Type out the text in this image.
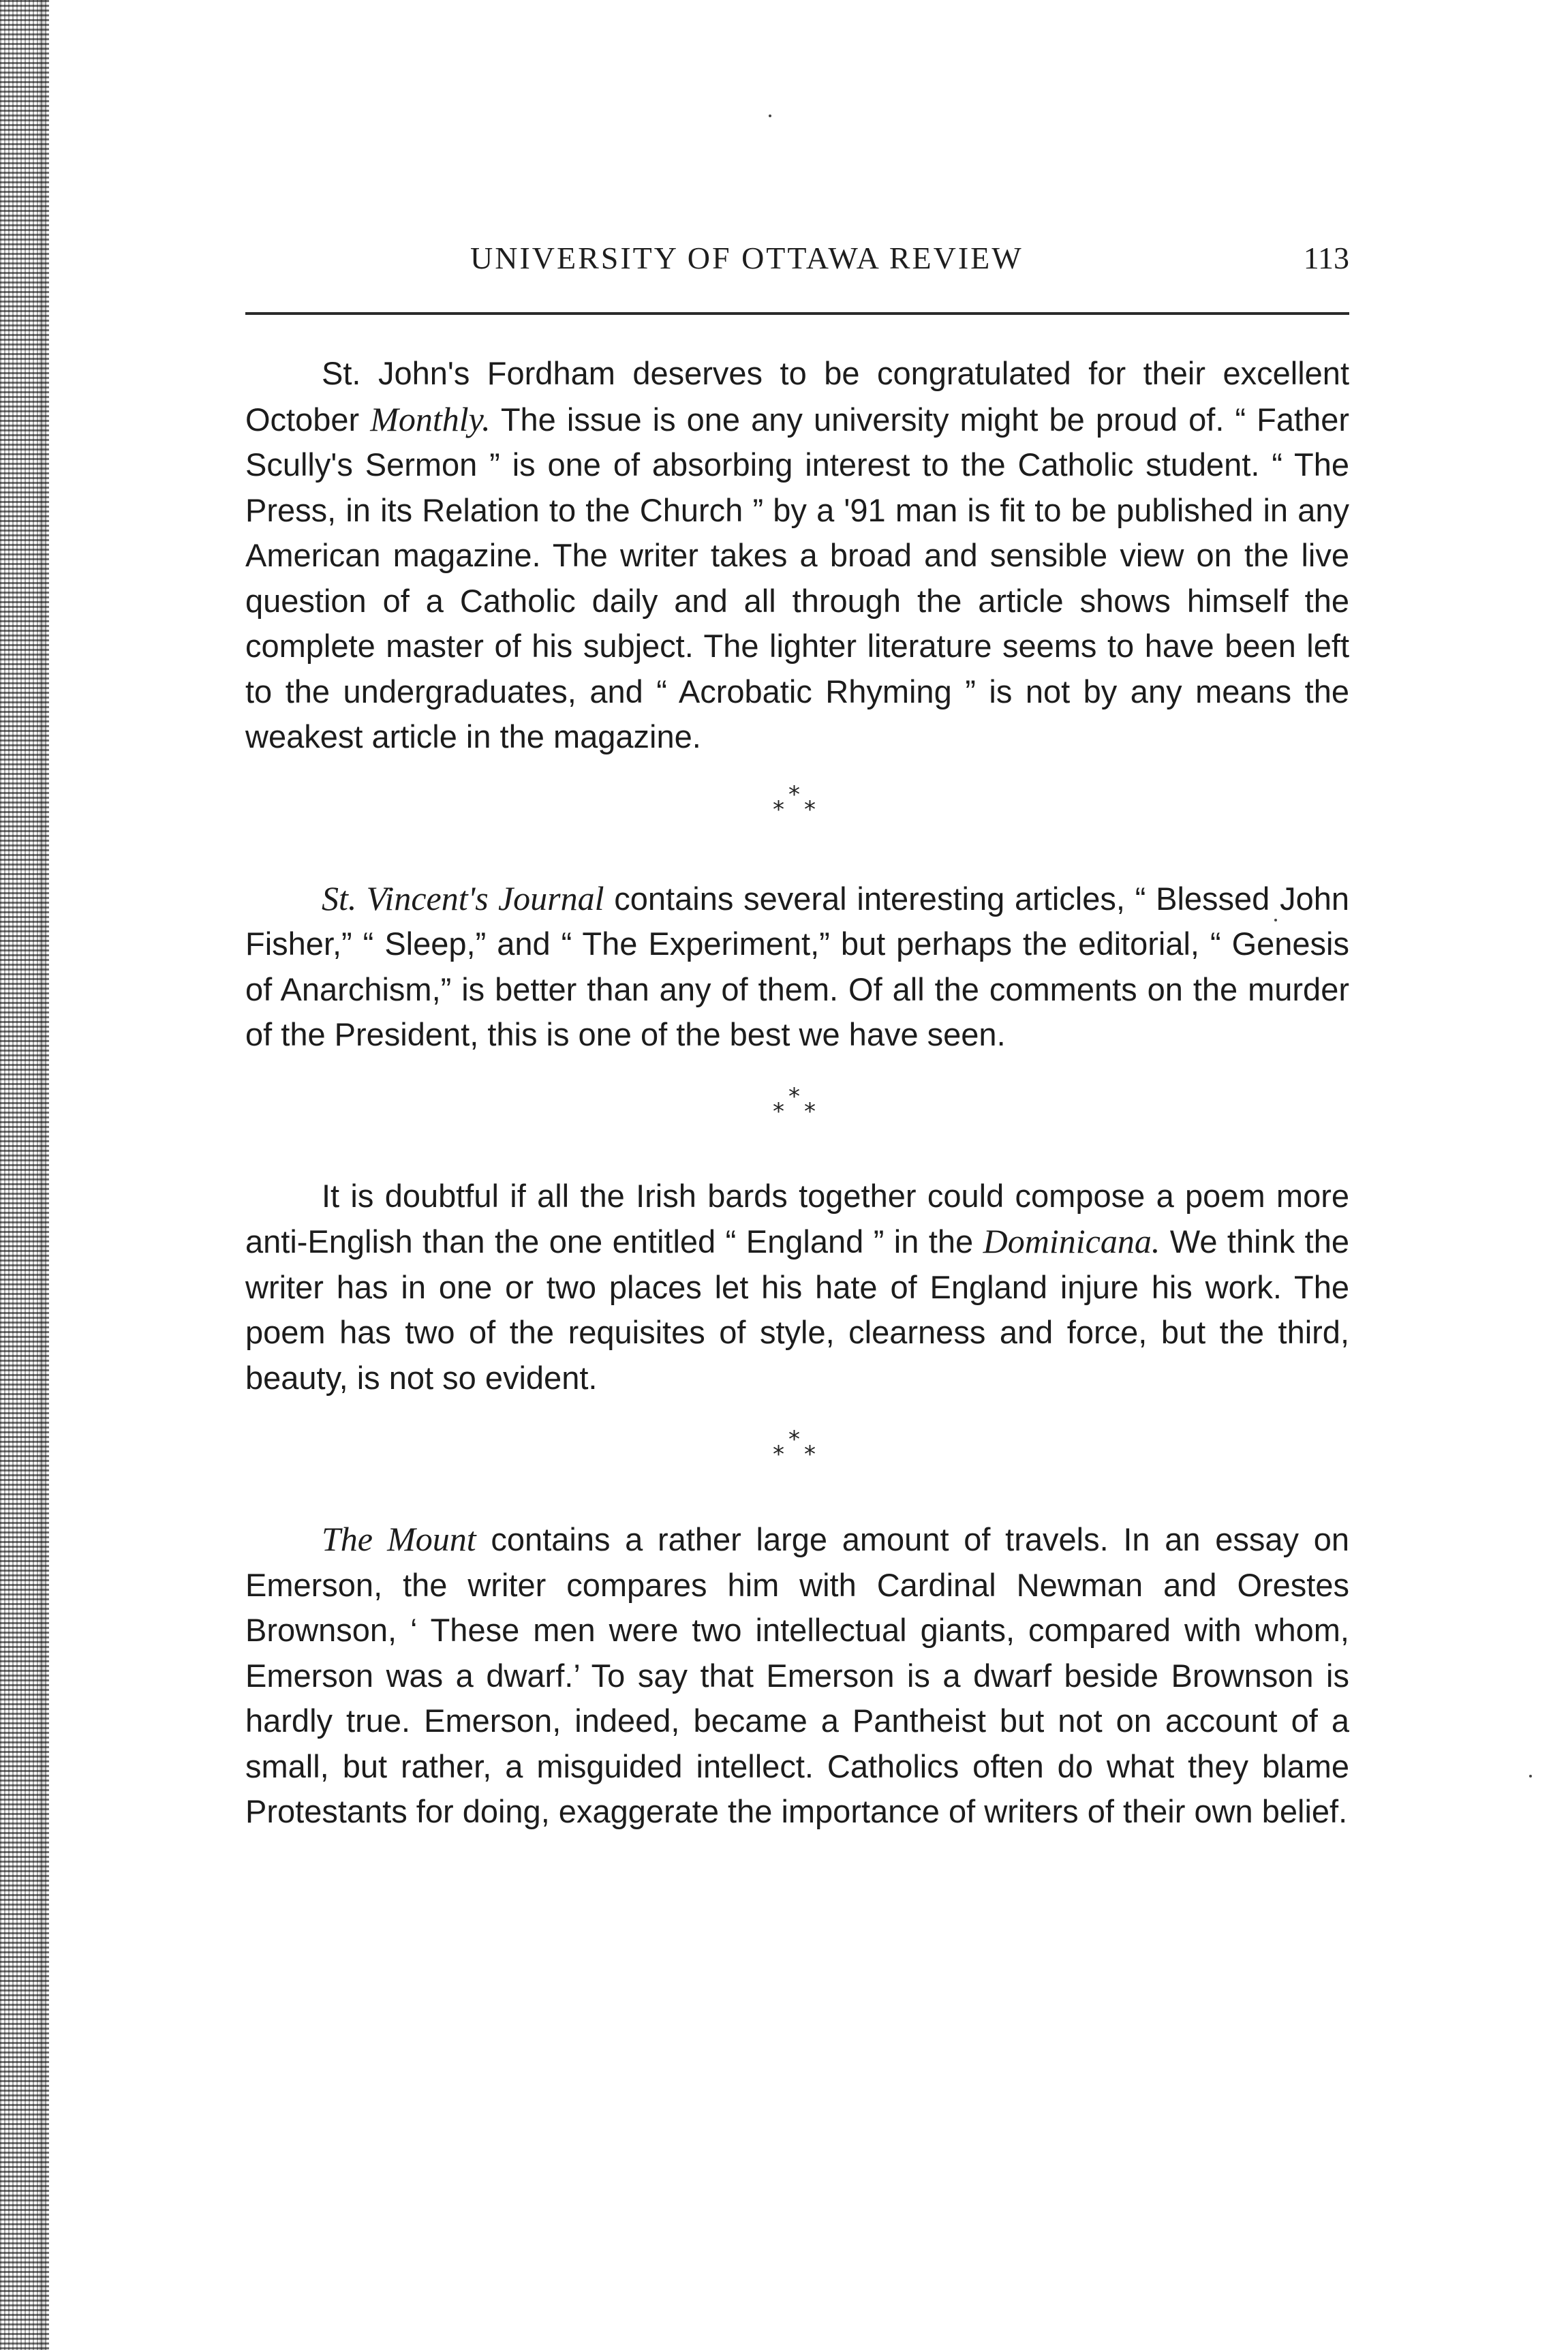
UNIVERSITY OF OTTAWA REVIEW	113

St. John's Fordham deserves to be congratulated for their excellent October Monthly. The issue is one any university might be proud of. “ Father Scully's Sermon ” is one of absorbing interest to the Catholic student. “ The Press, in its Relation to the Church ” by a '91 man is fit to be published in any American magazine. The writer takes a broad and sensible view on the live question of a Catholic daily and all through the article shows himself the complete master of his subject. The lighter literature seems to have been left to the undergraduates, and “ Acrobatic Rhyming ” is not by any means the weakest article in the magazine.

*
* *

St. Vincent's Journal contains several interesting articles, “ Blessed John Fisher,” “ Sleep,” and “ The Experiment,” but perhaps the editorial, “ Genesis of Anarchism,” is better than any of them. Of all the comments on the murder of the President, this is one of the best we have seen.

*
* *

It is doubtful if all the Irish bards together could compose a poem more anti-English than the one entitled “ England ” in the Dominicana. We think the writer has in one or two places let his hate of England injure his work. The poem has two of the requisites of style, clearness and force, but the third, beauty, is not so evident.

*
* *

The Mount contains a rather large amount of travels. In an essay on Emerson, the writer compares him with Cardinal Newman and Orestes Brownson, ‘ These men were two intellectual giants, compared with whom, Emerson was a dwarf.’ To say that Emerson is a dwarf beside Brownson is hardly true. Emerson, indeed, became a Pantheist but not on account of a small, but rather, a misguided intellect. Catholics often do what they blame Protestants for doing, exaggerate the importance of writers of their own belief.
